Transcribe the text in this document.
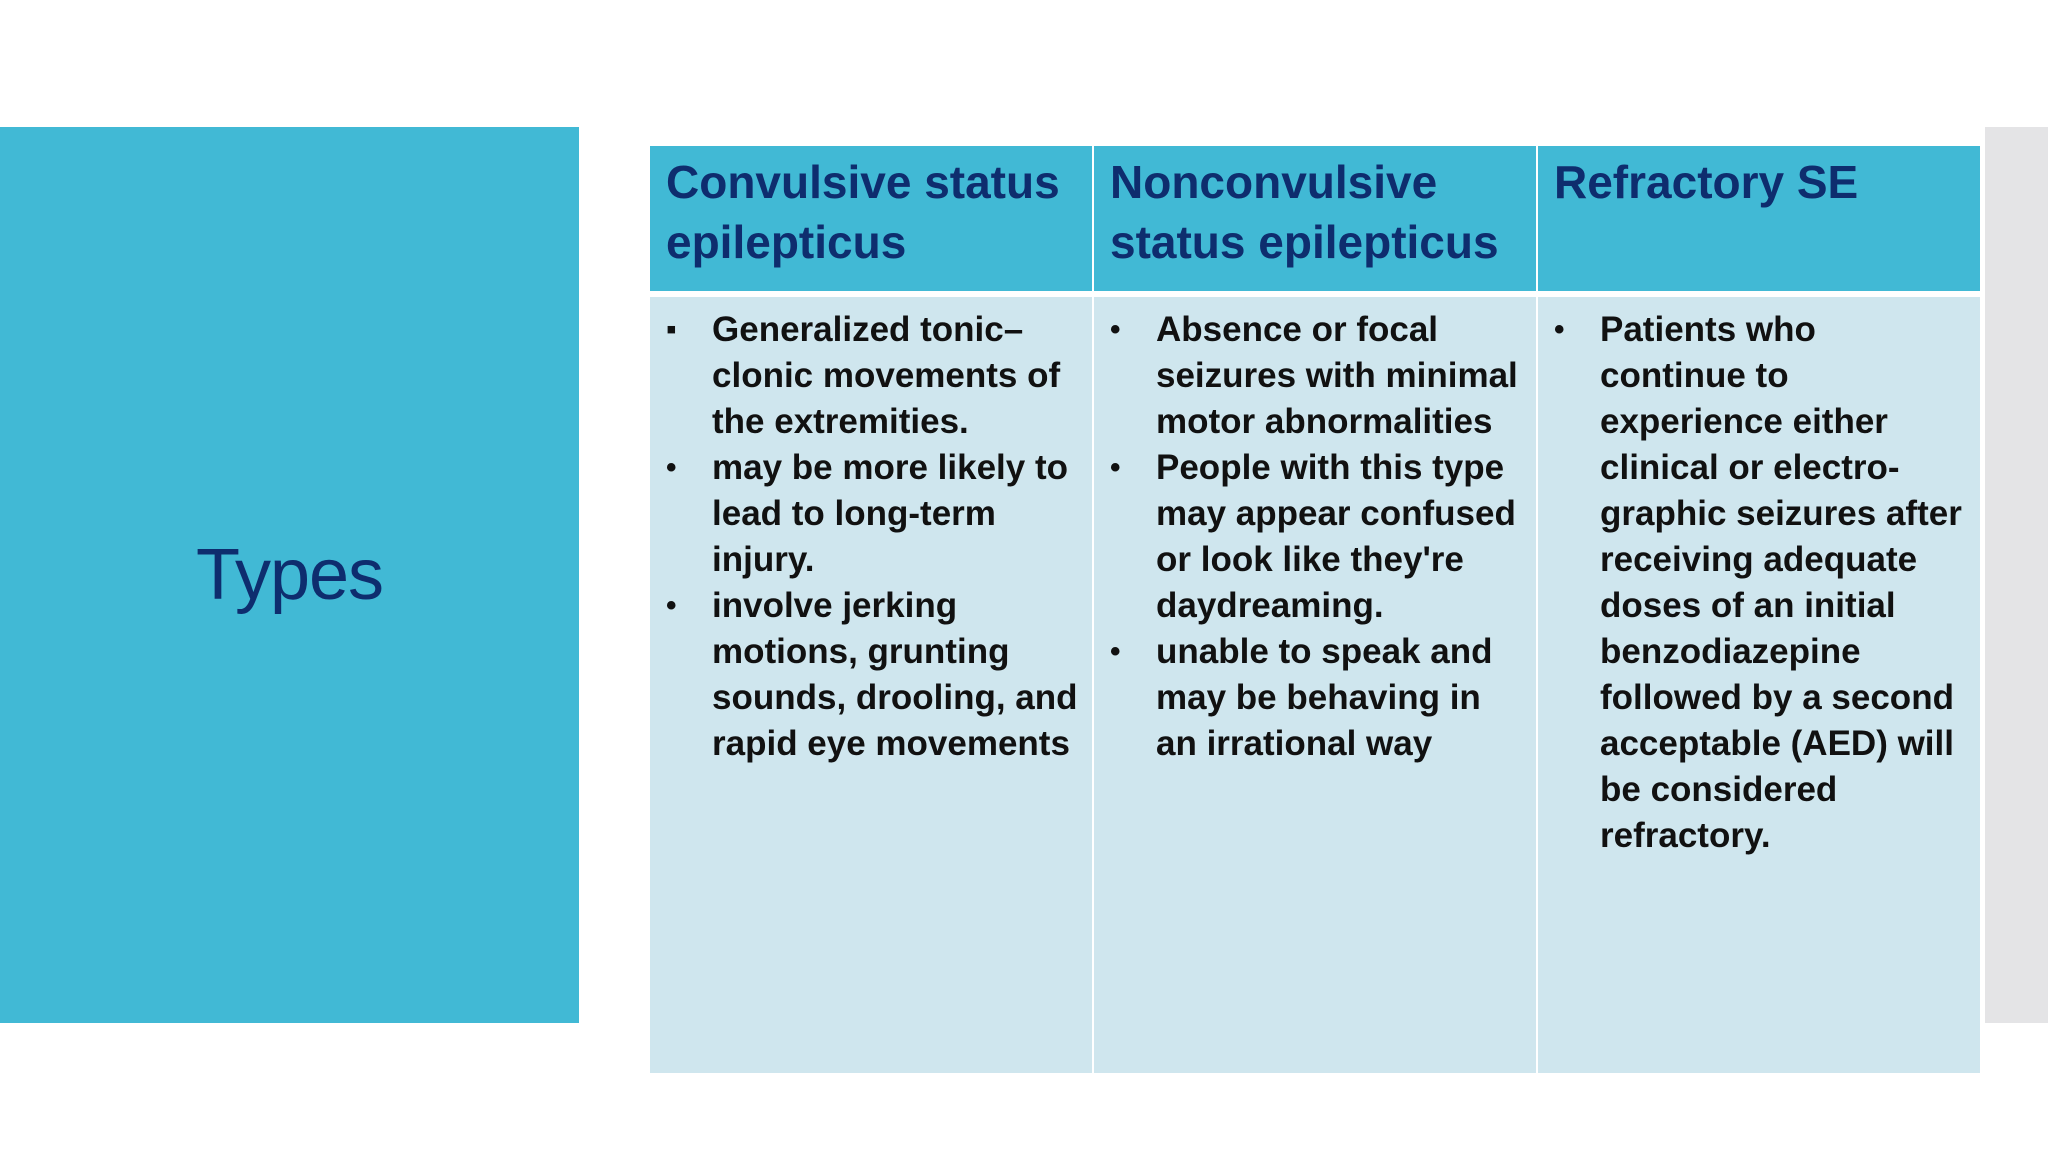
Types
Convulsive status epilepticus
Nonconvulsive status epilepticus
Refractory SE
▪ Generalized tonic–clonic movements of the extremities.
• may be more likely to lead to long-term injury.
• involve jerking motions, grunting sounds, drooling, and rapid eye movements
• Absence or focal seizures with minimal motor abnormalities
• People with this type may appear confused or look like they're daydreaming.
• unable to speak and may be behaving in an irrational way
• Patients who continue to experience either clinical or electro-graphic seizures after receiving adequate doses of an initial benzodiazepine followed by a second acceptable (AED) will be considered refractory.
